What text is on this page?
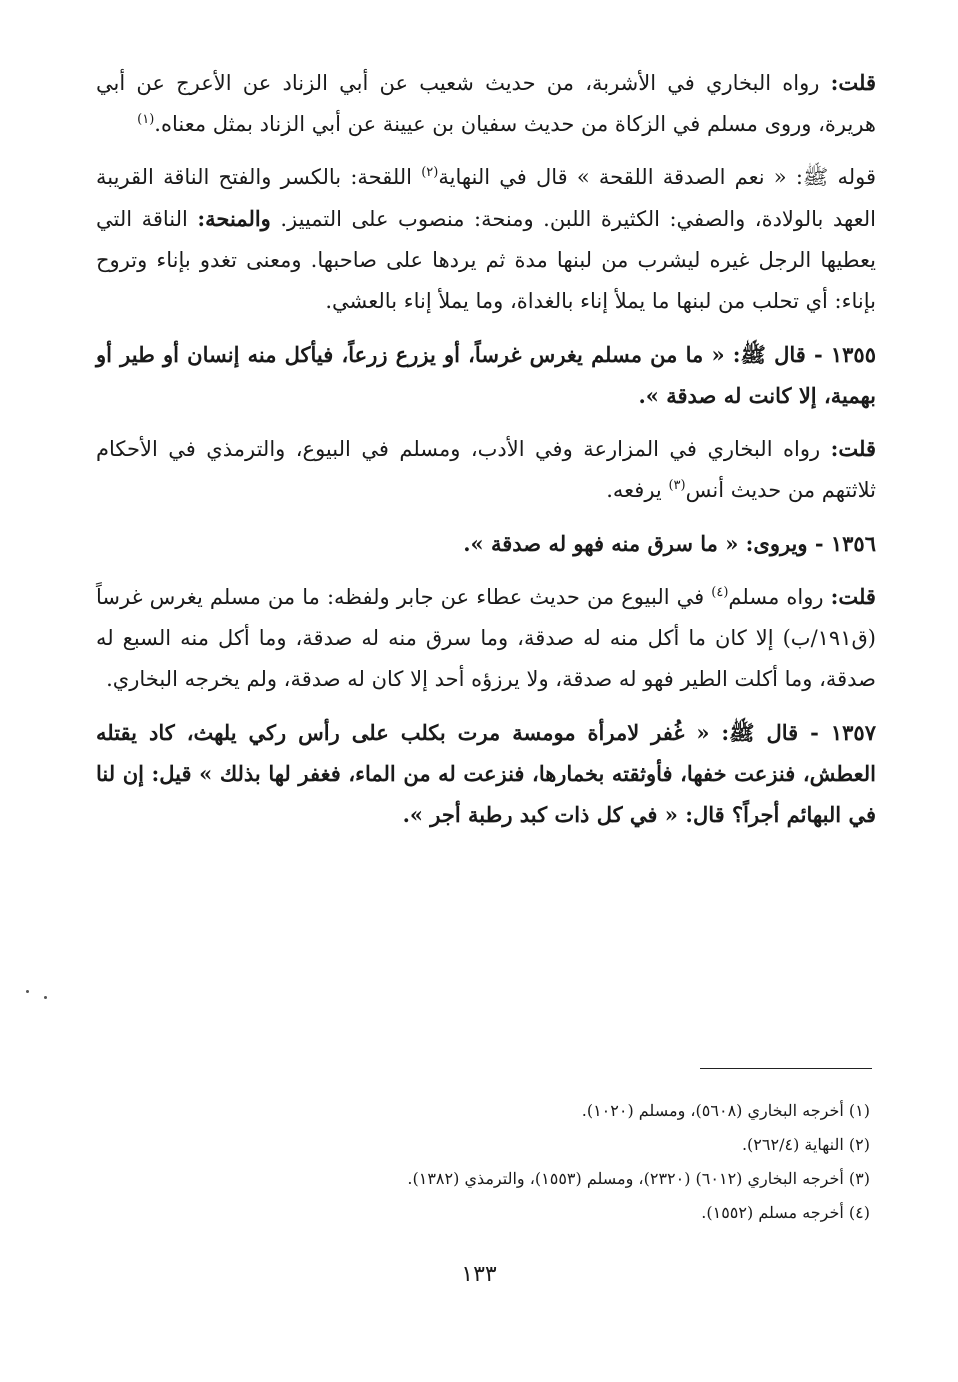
قلت: رواه البخاري في الأشربة، من حديث شعيب عن أبي الزناد عن الأعرج عن أبي هريرة، وروى مسلم في الزكاة من حديث سفيان بن عيينة عن أبي الزناد بمثل معناه.$^{(١)}$

قوله ﷺ: « نعم الصدقة اللقحة » قال في النهاية$^{(٢)}$ اللقحة: بالكسر والفتح الناقة القريبة العهد بالولادة، والصفي: الكثيرة اللبن. ومنحة: منصوب على التمييز. والمنحة: الناقة التي يعطيها الرجل غيره ليشرب من لبنها مدة ثم يردها على صاحبها. ومعنى تغدو بإناء وتروح بإناء: أي تحلب من لبنها ما يملأ إناء بالغداة، وما يملأ إناء بالعشي.

١٣٥٥ - قال ﷺ: « ما من مسلم يغرس غرساً، أو يزرع زرعاً، فيأكل منه إنسان أو طير أو بهمية، إلا كانت له صدقة ».

قلت: رواه البخاري في المزارعة وفي الأدب، ومسلم في البيوع، والترمذي في الأحكام ثلاثتهم من حديث أنس$^{(٣)}$ يرفعه.

١٣٥٦ - ويروى: « ما سرق منه فهو له صدقة ».

قلت: رواه مسلم$^{(٤)}$ في البيوع من حديث عطاء عن جابر ولفظه: ما من مسلم يغرس غرساً (ق١٩١/ب) إلا كان ما أكل منه له صدقة، وما سرق منه له صدقة، وما أكل منه السبع له صدقة، وما أكلت الطير فهو له صدقة، ولا يرزؤه أحد إلا كان له صدقة، ولم يخرجه البخاري.

١٣٥٧ - قال ﷺ: « غُفر لامرأة مومسة مرت بكلب على رأس ركي يلهث، كاد يقتله العطش، فنزعت خفها، فأوثقته بخمارها، فنزعت له من الماء، فغفر لها بذلك » قيل: إن لنا في البهائم أجراً؟ قال: « في كل ذات كبد رطبة أجر ».

(١) أخرجه البخاري (٥٦٠٨)، ومسلم (١٠٢٠).
(٢) النهاية (٢٦٢/٤).
(٣) أخرجه البخاري (٦٠١٢) (٢٣٢٠)، ومسلم (١٥٥٣)، والترمذي (١٣٨٢).
(٤) أخرجه مسلم (١٥٥٢).
١٣٣
